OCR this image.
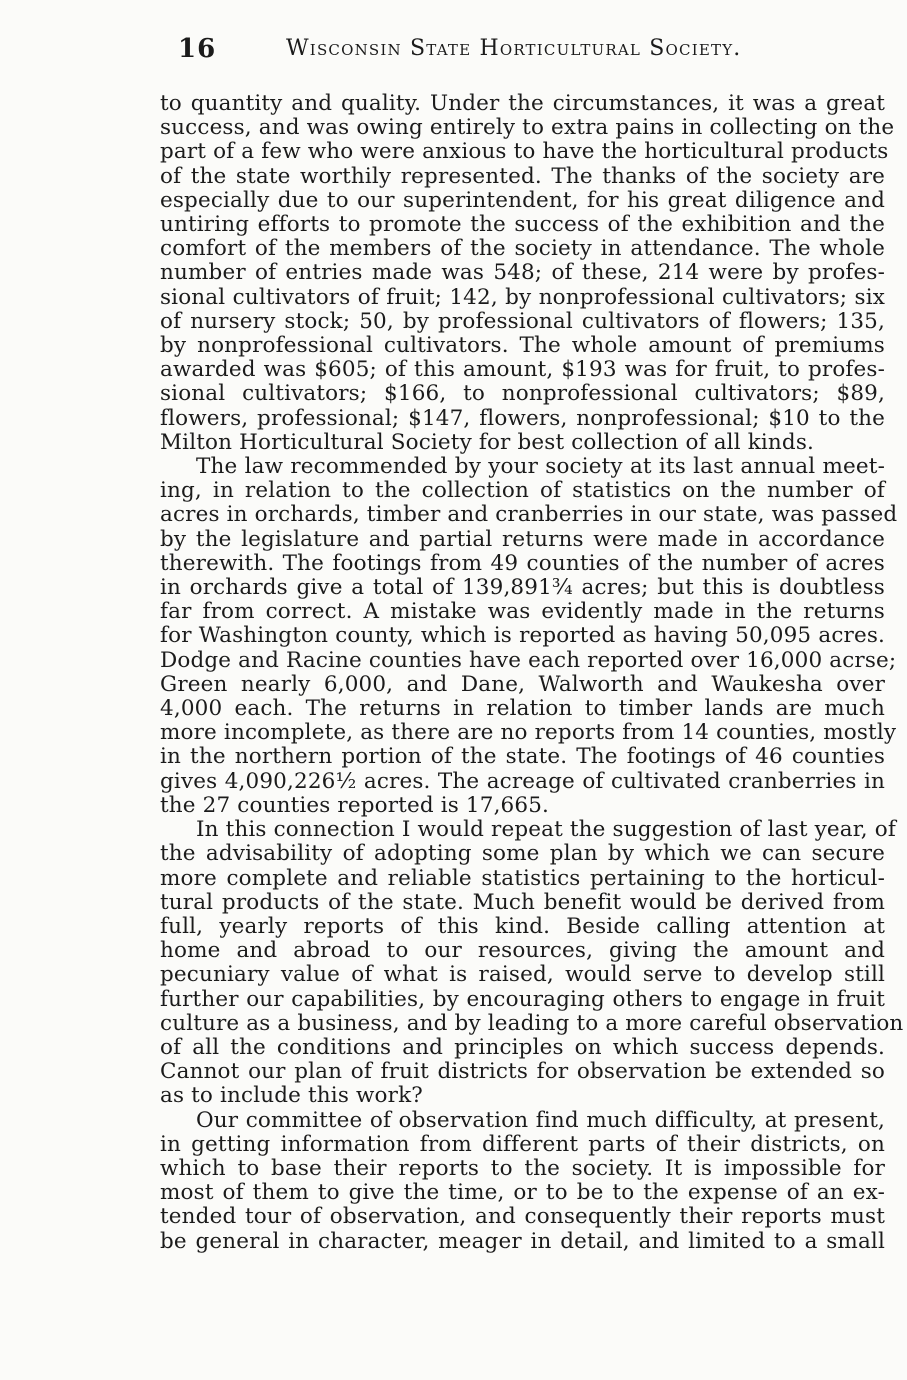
16	Wisconsin State Horticultural Society.

to quantity and quality. Under the circumstances, it was a great
success, and was owing entirely to extra pains in collecting on the
part of a few who were anxious to have the horticultural products
of the state worthily represented. The thanks of the society are
especially due to our superintendent, for his great diligence and
untiring efforts to promote the success of the exhibition and the
comfort of the members of the society in attendance. The whole
number of entries made was 548; of these, 214 were by profes-
sional cultivators of fruit; 142, by nonprofessional cultivators; six
of nursery stock; 50, by professional cultivators of flowers; 135,
by nonprofessional cultivators. The whole amount of premiums
awarded was $605; of this amount, $193 was for fruit, to profes-
sional cultivators; $166, to nonprofessional cultivators; $89,
flowers, professional; $147, flowers, nonprofessional; $10 to the
Milton Horticultural Society for best collection of all kinds.

The law recommended by your society at its last annual meet-
ing, in relation to the collection of statistics on the number of
acres in orchards, timber and cranberries in our state, was passed
by the legislature and partial returns were made in accordance
therewith. The footings from 49 counties of the number of acres
in orchards give a total of 139,891¾ acres; but this is doubtless
far from correct. A mistake was evidently made in the returns
for Washington county, which is reported as having 50,095 acres.
Dodge and Racine counties have each reported over 16,000 acrse;
Green nearly 6,000, and Dane, Walworth and Waukesha over
4,000 each. The returns in relation to timber lands are much
more incomplete, as there are no reports from 14 counties, mostly
in the northern portion of the state. The footings of 46 counties
gives 4,090,226½ acres. The acreage of cultivated cranberries in
the 27 counties reported is 17,665.

In this connection I would repeat the suggestion of last year, of
the advisability of adopting some plan by which we can secure
more complete and reliable statistics pertaining to the horticul-
tural products of the state. Much benefit would be derived from
full, yearly reports of this kind. Beside calling attention at
home and abroad to our resources, giving the amount and
pecuniary value of what is raised, would serve to develop still
further our capabilities, by encouraging others to engage in fruit
culture as a business, and by leading to a more careful observation
of all the conditions and principles on which success depends.
Cannot our plan of fruit districts for observation be extended so
as to include this work?

Our committee of observation find much difficulty, at present,
in getting information from different parts of their districts, on
which to base their reports to the society. It is impossible for
most of them to give the time, or to be to the expense of an ex-
tended tour of observation, and consequently their reports must
be general in character, meager in detail, and limited to a small
